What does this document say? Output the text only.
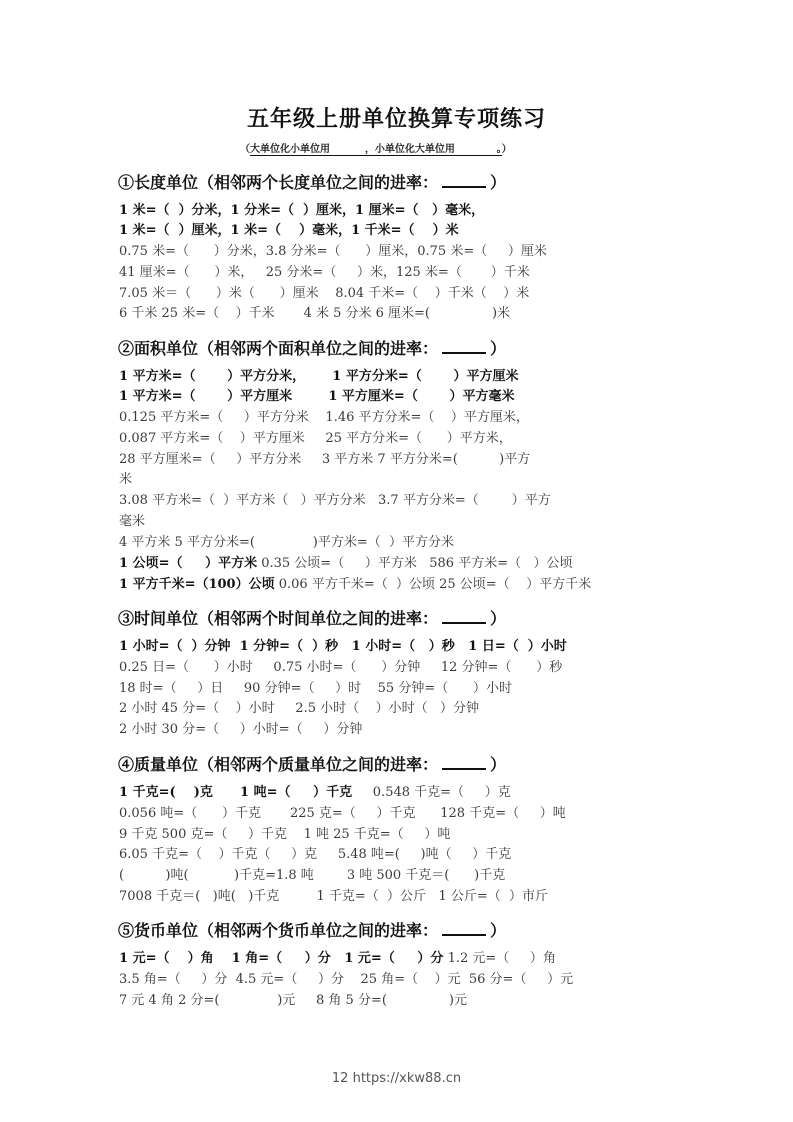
五年级上册单位换算专项练习
（大单位化小单位用          ，小单位化大单位用            。）
①长度单位（相邻两个长度单位之间的进率：	）
1 米=（  ）分米，1 分米=（  ）厘米，1 厘米=（   ）毫米，
1 米=（  ）厘米，1 米=（    ）毫米，1 千米=（    ）米
0.75 米=（      ）分米，3.8 分米=（      ）厘米，0.75 米=（     ）厘米
41 厘米=（      ）米，   25 分米=（     ）米，125 米=（       ）千米
7.05 米＝（      ）米（      ）厘米    8.04 千米=（    ）千米（    ）米
6 千米 25 米=（    ）千米       4 米 5 分米 6 厘米=(               )米
②面积单位（相邻两个面积单位之间的进率：	）
1 平方米=（       ）平方分米，      1 平方分米=（       ）平方厘米
1 平方米=（       ）平方厘米        1 平方厘米=（       ）平方毫米
0.125 平方米=（     ）平方分米    1.46 平方分米=（    ）平方厘米，
0.087 平方米=（    ）平方厘米     25 平方分米=（      ）平方米，
28 平方厘米=（     ）平方分米     3 平方米 7 平方分米=(          )平方
米
3.08 平方米=（  ）平方米（   ）平方分米   3.7 平方分米=（        ）平方
毫米
4 平方米 5 平方分米=(              )平方米=（  ）平方分米
1 公顷=（     ）平方米 0.35 公顷=（     ）平方米   586 平方米=（   ）公顷
1 平方千米=（100）公顷 0.06 平方千米=（  ）公顷 25 公顷=（    ）平方千米
③时间单位（相邻两个时间单位之间的进率：	）
1 小时=（  ）分钟  1 分钟=（  ）秒   1 小时=（   ）秒   1 日=（  ）小时
0.25 日=（      ）小时     0.75 小时=（      ）分钟     12 分钟=（      ）秒
18 时=（     ）日     90 分钟=（     ）时    55 分钟=（      ）小时
2 小时 45 分=（    ）小时     2.5 小时（    ）小时（   ）分钟
2 小时 30 分=（     ）小时=（     ）分钟
④质量单位（相邻两个质量单位之间的进率：	）
1 千克=(    )克      1 吨=（     ）千克     0.548 千克=（     ）克
0.056 吨=（      ）千克       225 克=（     ）千克      128 千克=（     ）吨
9 千克 500 克=（     ）千克    1 吨 25 千克=（     ）吨
6.05 千克=（    ）千克（     ）克     5.48 吨=(     )吨（     ）千克
(          )吨(           )千克=1.8 吨        3 吨 500 千克＝(      )千克
7008 千克＝(   )吨(   )千克         1 千克=（  ）公斤   1 公斤=（  ）市斤
⑤货币单位（相邻两个货币单位之间的进率：	）
1 元=（    ）角    1 角=（     ）分   1 元=（     ）分 1.2 元=（     ）角
3.5 角=（     ）分  4.5 元=（     ）分    25 角=（    ）元  56 分=（     ）元
7 元 4 角 2 分=(              )元     8 角 5 分=(               )元
12 https://xkw88.cn
